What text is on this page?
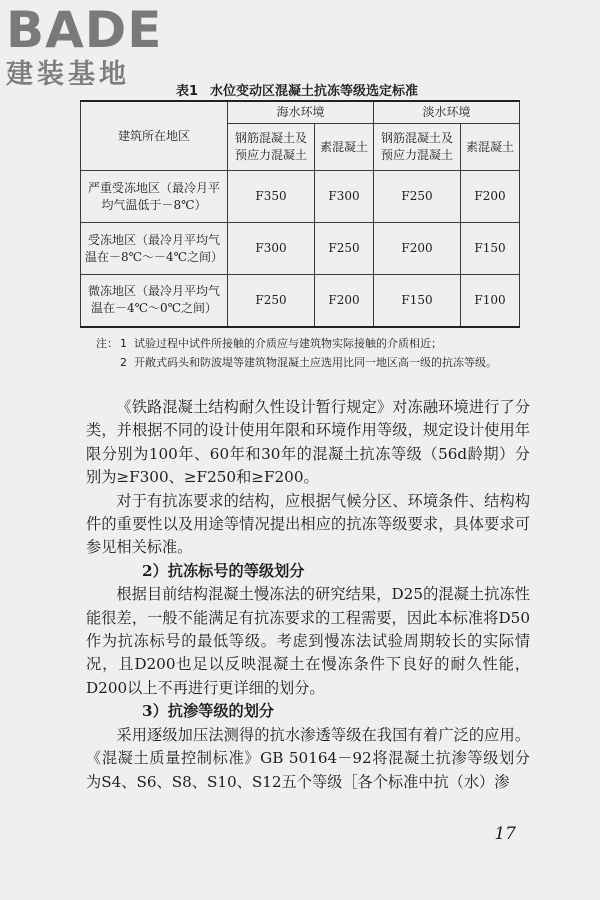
BADE
建装基地
表1 水位变动区混凝土抗冻等级选定标准
建筑所在地区	海水环境		淡水环境	
	钢筋混凝土及预应力混凝土	素混凝土	钢筋混凝土及预应力混凝土	素混凝土
严重受冻地区（最冷月平均气温低于－8℃）	F350	F300	F250	F200
受冻地区（最冷月平均气温在－8℃～－4℃之间）	F300	F250	F200	F150
微冻地区（最冷月平均气温在－4℃～0℃之间）	F250	F200	F150	F100
注： 1 试验过程中试件所接触的介质应与建筑物实际接触的介质相近；
2 开敞式码头和防波堤等建筑物混凝土应选用比同一地区高一级的抗冻等级。

《铁路混凝土结构耐久性设计暂行规定》对冻融环境进行了分类，并根据不同的设计使用年限和环境作用等级，规定设计使用年限分别为100年、60年和30年的混凝土抗冻等级（56d龄期）分别为≥F300、≥F250和≥F200。

对于有抗冻要求的结构，应根据气候分区、环境条件、结构构件的重要性以及用途等情况提出相应的抗冻等级要求，具体要求可参见相关标准。

2）抗冻标号的等级划分

根据目前结构混凝土慢冻法的研究结果，D25的混凝土抗冻性能很差，一般不能满足有抗冻要求的工程需要，因此本标准将D50作为抗冻标号的最低等级。考虑到慢冻法试验周期较长的实际情况，且D200也足以反映混凝土在慢冻条件下良好的耐久性能，D200以上不再进行更详细的划分。

3）抗渗等级的划分

采用逐级加压法测得的抗水渗透等级在我国有着广泛的应用。《混凝土质量控制标准》GB 50164－92将混凝土抗渗等级划分为S4、S6、S8、S10、S12五个等级［各个标准中抗（水）渗

17
